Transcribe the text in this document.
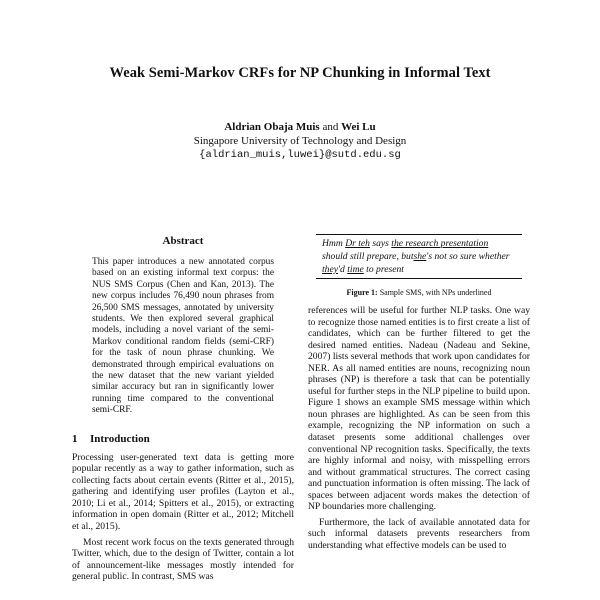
Weak Semi-Markov CRFs for NP Chunking in Informal Text
Aldrian Obaja Muis and Wei Lu
Singapore University of Technology and Design
{aldrian_muis,luwei}@sutd.edu.sg
Abstract

This paper introduces a new annotated corpus based on an existing informal text corpus: the NUS SMS Corpus (Chen and Kan, 2013). The new corpus includes 76,490 noun phrases from 26,500 SMS messages, annotated by university students. We then explored several graphical models, including a novel variant of the semi-Markov conditional random fields (semi-CRF) for the task of noun phrase chunking. We demonstrated through empirical evaluations on the new dataset that the new variant yielded similar accuracy but ran in significantly lower running time compared to the conventional semi-CRF.

1 Introduction

Processing user-generated text data is getting more popular recently as a way to gather information, such as collecting facts about certain events (Ritter et al., 2015), gathering and identifying user profiles (Layton et al., 2010; Li et al., 2014; Spitters et al., 2015), or extracting information in open domain (Ritter et al., 2012; Mitchell et al., 2015).

Most recent work focus on the texts generated through Twitter, which, due to the design of Twitter, contain a lot of announcement-like messages mostly intended for general public. In contrast, SMS was

Hmm Dr teh says the research presentation should still prepare, butshe's not so sure whether they'd time to present
Figure 1: Sample SMS, with NPs underlined

references will be useful for further NLP tasks. One way to recognize those named entities is to first create a list of candidates, which can be further filtered to get the desired named entities. Nadeau (Nadeau and Sekine, 2007) lists several methods that work upon candidates for NER. As all named entities are nouns, recognizing noun phrases (NP) is therefore a task that can be potentially useful for further steps in the NLP pipeline to build upon. Figure 1 shows an example SMS message within which noun phrases are highlighted. As can be seen from this example, recognizing the NP information on such a dataset presents some additional challenges over conventional NP recognition tasks. Specifically, the texts are highly informal and noisy, with misspelling errors and without grammatical structures. The correct casing and punctuation information is often missing. The lack of spaces between adjacent words makes the detection of NP boundaries more challenging.

Furthermore, the lack of available annotated data for such informal datasets prevents researchers from understanding what effective models can be used to
